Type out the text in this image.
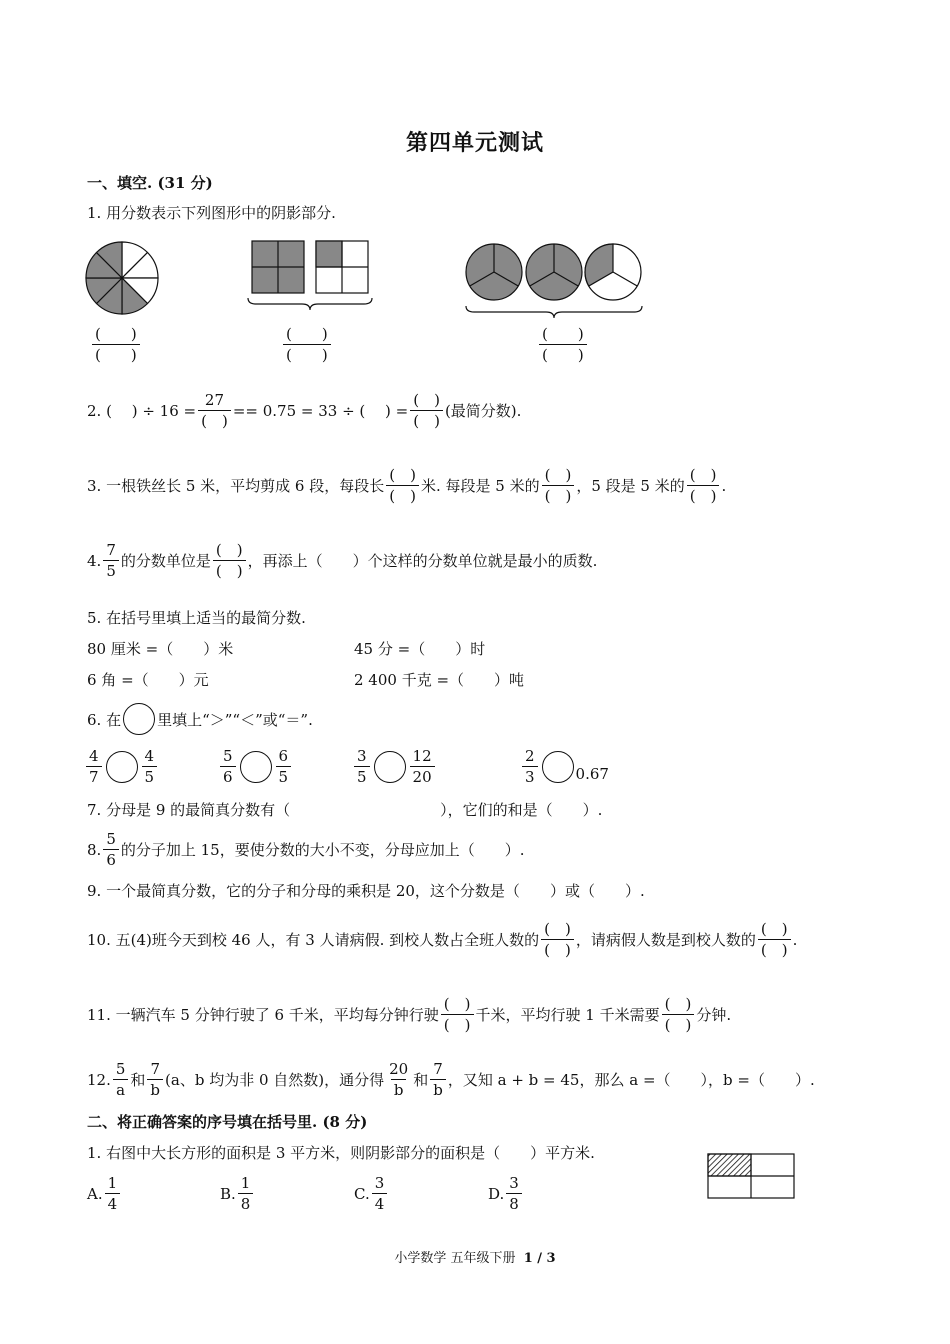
第四单元测试
一、填空. (31 分)
1. 用分数表示下列图形中的阴影部分.
$\frac{( )}{( )}$	$\frac{( )}{( )}$	$\frac{( )}{( )}$
2. (　 ) ÷ $16 = \frac{27}{( )} == 0.75 = 33$ ÷ (　 ) = $\frac{( )}{( )}$ (最简分数).
3. 一根铁丝长 5 米，平均剪成 6 段，每段长 $\frac{( )}{( )}$ 米. 每段是 5 米的 $\frac{( )}{( )}$ ，5 段是 5 米的 $\frac{( )}{( )}$ .
4. $\frac{7}{5}$ 的分数单位是 $\frac{( )}{( )}$ ，再添上（　　）个这样的分数单位就是最小的质数.
5. 在括号里填上适当的最简分数.
80 厘米 =（　　）米	45 分 =（　　）时
6 角 =（　　）元	2 400 千克 =（　　）吨
6. 在 里填上“＞”“＜”或“＝”.
$\frac{4}{7}$	$\frac{4}{5}$	$\frac{5}{6}$	$\frac{6}{5}$	$\frac{3}{5}$	$\frac{12}{20}$	$\frac{2}{3}$	0.67
7. 分母是 9 的最简真分数有（　　　　　　　　　　），它们的和是（　　）.
8. $\frac{5}{6}$ 的分子加上 15，要使分数的大小不变，分母应加上（　　）.
9. 一个最简真分数，它的分子和分母的乘积是 20，这个分数是（　　）或（　　）.
10. 五(4)班今天到校 46 人，有 3 人请病假. 到校人数占全班人数的 $\frac{( )}{( )}$ ，请病假人数是到校人数的 $\frac{( )}{( )}$ .
11. 一辆汽车 5 分钟行驶了 6 千米，平均每分钟行驶 $\frac{( )}{( )}$ 千米，平均行驶 1 千米需要 $\frac{( )}{( )}$ 分钟.
12. $\frac{5}{a}$ 和 $\frac{7}{b} (a$、b 均为非 0 自然数)，通分得 $\frac{20}{b}$ 和 $\frac{7}{b}$ ，又知 a + b = 45，那么 a =（　　），b =（　　）.
二、将正确答案的序号填在括号里. (8 分)
1. 右图中大长方形的面积是 3 平方米，则阴影部分的面积是（　　）平方米.
A. $\frac{1}{4}$	B. $\frac{1}{8}$	C. $\frac{3}{4}$	D. $\frac{3}{8}$
小学数学 五年级下册 1 / 3
